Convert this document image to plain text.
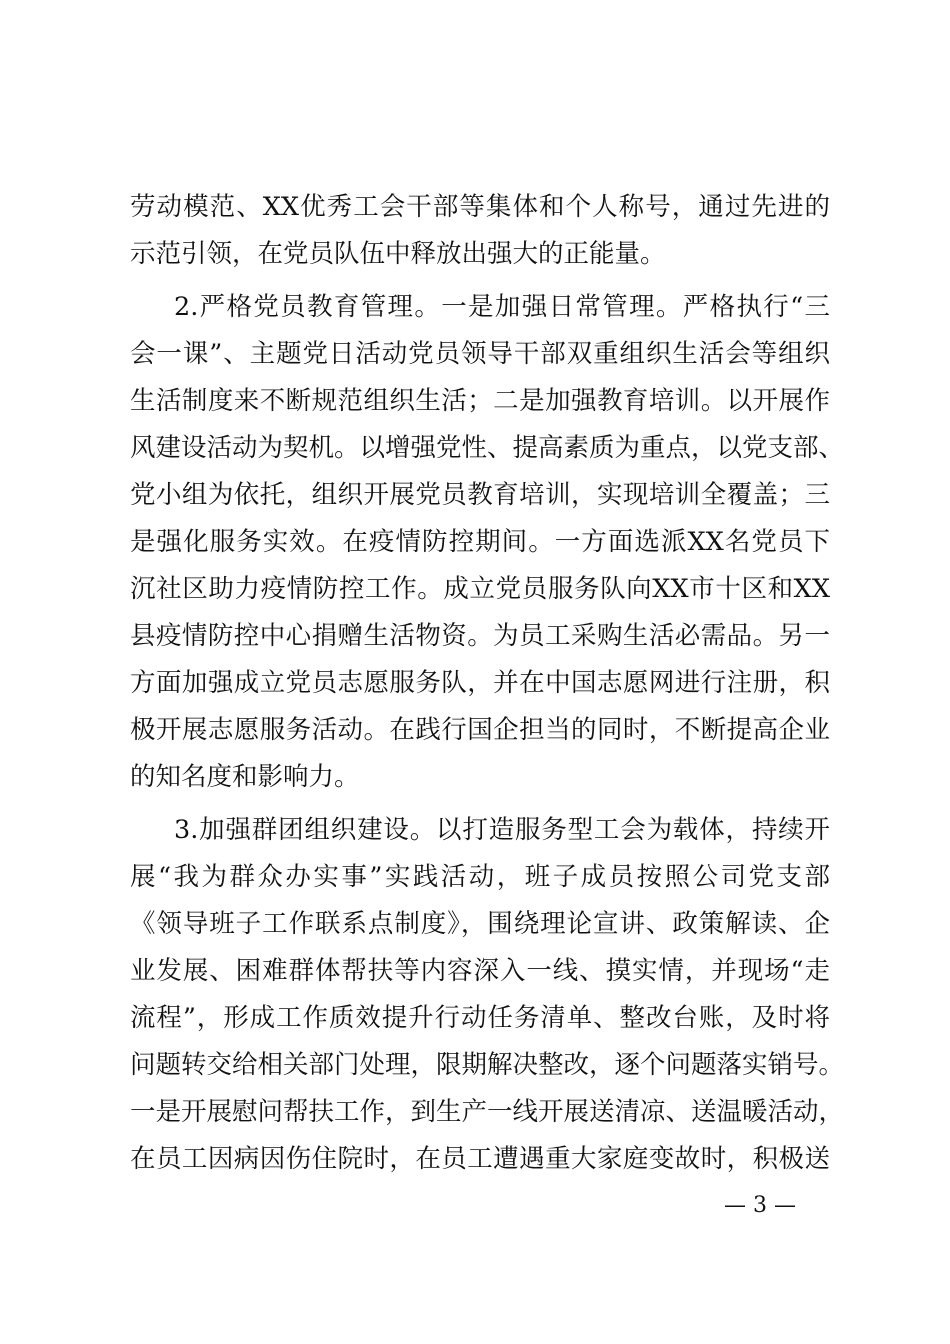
劳动模范、XX优秀工会干部等集体和个人称号，通过先进的
示范引领，在党员队伍中释放出强大的正能量。
2.严格党员教育管理。一是加强日常管理。严格执行“三
会一课”、主题党日活动党员领导干部双重组织生活会等组织
生活制度来不断规范组织生活；二是加强教育培训。以开展作
风建设活动为契机。以增强党性、提高素质为重点，以党支部、
党小组为依托，组织开展党员教育培训，实现培训全覆盖；三
是强化服务实效。在疫情防控期间。一方面选派XX名党员下
沉社区助力疫情防控工作。成立党员服务队向XX市十区和XX
县疫情防控中心捐赠生活物资。为员工采购生活必需品。另一
方面加强成立党员志愿服务队，并在中国志愿网进行注册，积
极开展志愿服务活动。在践行国企担当的同时，不断提高企业
的知名度和影响力。
3.加强群团组织建设。以打造服务型工会为载体，持续开
展“我为群众办实事”实践活动，班子成员按照公司党支部
《领导班子工作联系点制度》，围绕理论宣讲、政策解读、企
业发展、困难群体帮扶等内容深入一线、摸实情，并现场“走
流程”，形成工作质效提升行动任务清单、整改台账，及时将
问题转交给相关部门处理，限期解决整改，逐个问题落实销号。
一是开展慰问帮扶工作，到生产一线开展送清凉、送温暖活动，
在员工因病因伤住院时，在员工遭遇重大家庭变故时，积极送
— 3 —
